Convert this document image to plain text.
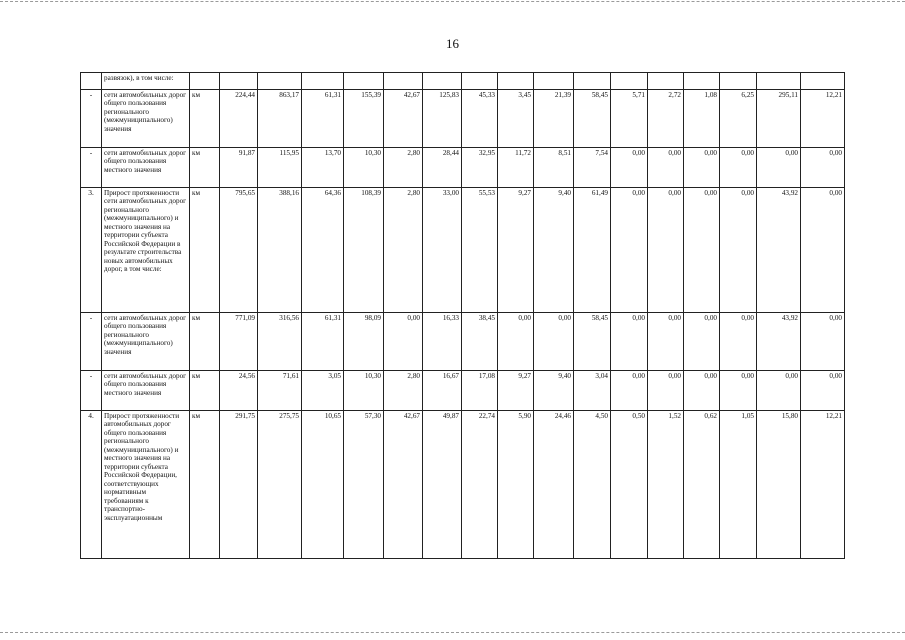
16
	развязок), в том числе:																	
-	сети автомобильных дорог общего пользования регионального (межмуниципального) значения	км	224,44	863,17	61,31	155,39	42,67	125,83	45,33	3,45	21,39	58,45	5,71	2,72	1,08	6,25	295,11	12,21
-	сети автомобильных дорог общего пользования местного значения	км	91,87	115,95	13,70	10,30	2,80	28,44	32,95	11,72	8,51	7,54	0,00	0,00	0,00	0,00	0,00	0,00
3.	Прирост протяженности сети автомобильных дорог регионального (межмуниципального) и местного значения на территории субъекта Российской Федерации в результате строительства новых автомобильных дорог, в том числе:	км	795,65	388,16	64,36	108,39	2,80	33,00	55,53	9,27	9,40	61,49	0,00	0,00	0,00	0,00	43,92	0,00
-	сети автомобильных дорог общего пользования регионального (межмуниципального) значения	км	771,09	316,56	61,31	98,09	0,00	16,33	38,45	0,00	0,00	58,45	0,00	0,00	0,00	0,00	43,92	0,00
-	сети автомобильных дорог общего пользования местного значения	км	24,56	71,61	3,05	10,30	2,80	16,67	17,08	9,27	9,40	3,04	0,00	0,00	0,00	0,00	0,00	0,00
4.	Прирост протяженности автомобильных дорог общего пользования регионального (межмуниципального) и местного значения на территории субъекта Российской Федерации, соответствующих нормативным требованиям к транспортно-эксплуатационным	км	291,75	275,75	10,65	57,30	42,67	49,87	22,74	5,90	24,46	4,50	0,50	1,52	0,62	1,05	15,80	12,21
